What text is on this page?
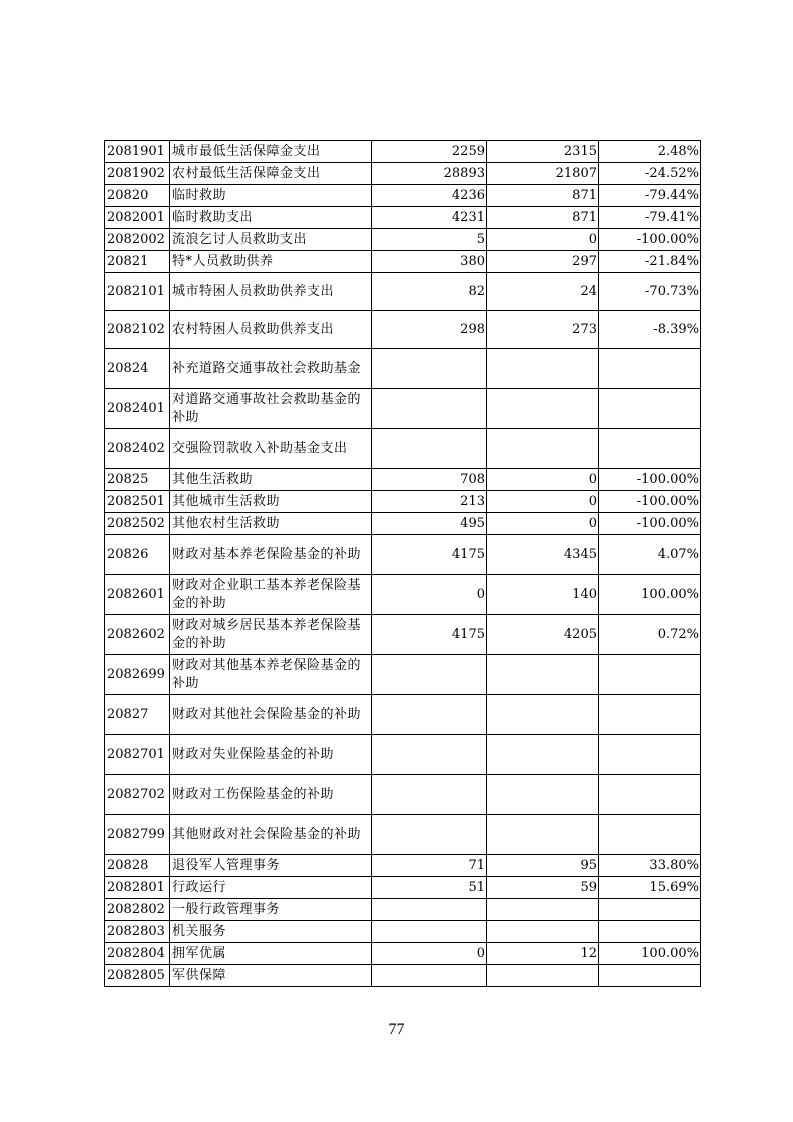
2081901	城市最低生活保障金支出	2259	2315	2.48%
2081902	农村最低生活保障金支出	28893	21807	-24.52%
20820	临时救助	4236	871	-79.44%
2082001	临时救助支出	4231	871	-79.41%
2082002	流浪乞讨人员救助支出	5	0	-100.00%
20821	特*人员救助供养	380	297	-21.84%
2082101	城市特困人员救助供养支出	82	24	-70.73%
2082102	农村特困人员救助供养支出	298	273	-8.39%
20824	补充道路交通事故社会救助基金			
2082401	对道路交通事故社会救助基金的补助			
2082402	交强险罚款收入补助基金支出			
20825	其他生活救助	708	0	-100.00%
2082501	其他城市生活救助	213	0	-100.00%
2082502	其他农村生活救助	495	0	-100.00%
20826	财政对基本养老保险基金的补助	4175	4345	4.07%
2082601	财政对企业职工基本养老保险基金的补助	0	140	100.00%
2082602	财政对城乡居民基本养老保险基金的补助	4175	4205	0.72%
2082699	财政对其他基本养老保险基金的补助			
20827	财政对其他社会保险基金的补助			
2082701	财政对失业保险基金的补助			
2082702	财政对工伤保险基金的补助			
2082799	其他财政对社会保险基金的补助			
20828	退役军人管理事务	71	95	33.80%
2082801	行政运行	51	59	15.69%
2082802	一般行政管理事务			
2082803	机关服务			
2082804	拥军优属	0	12	100.00%
2082805	军供保障			
77
